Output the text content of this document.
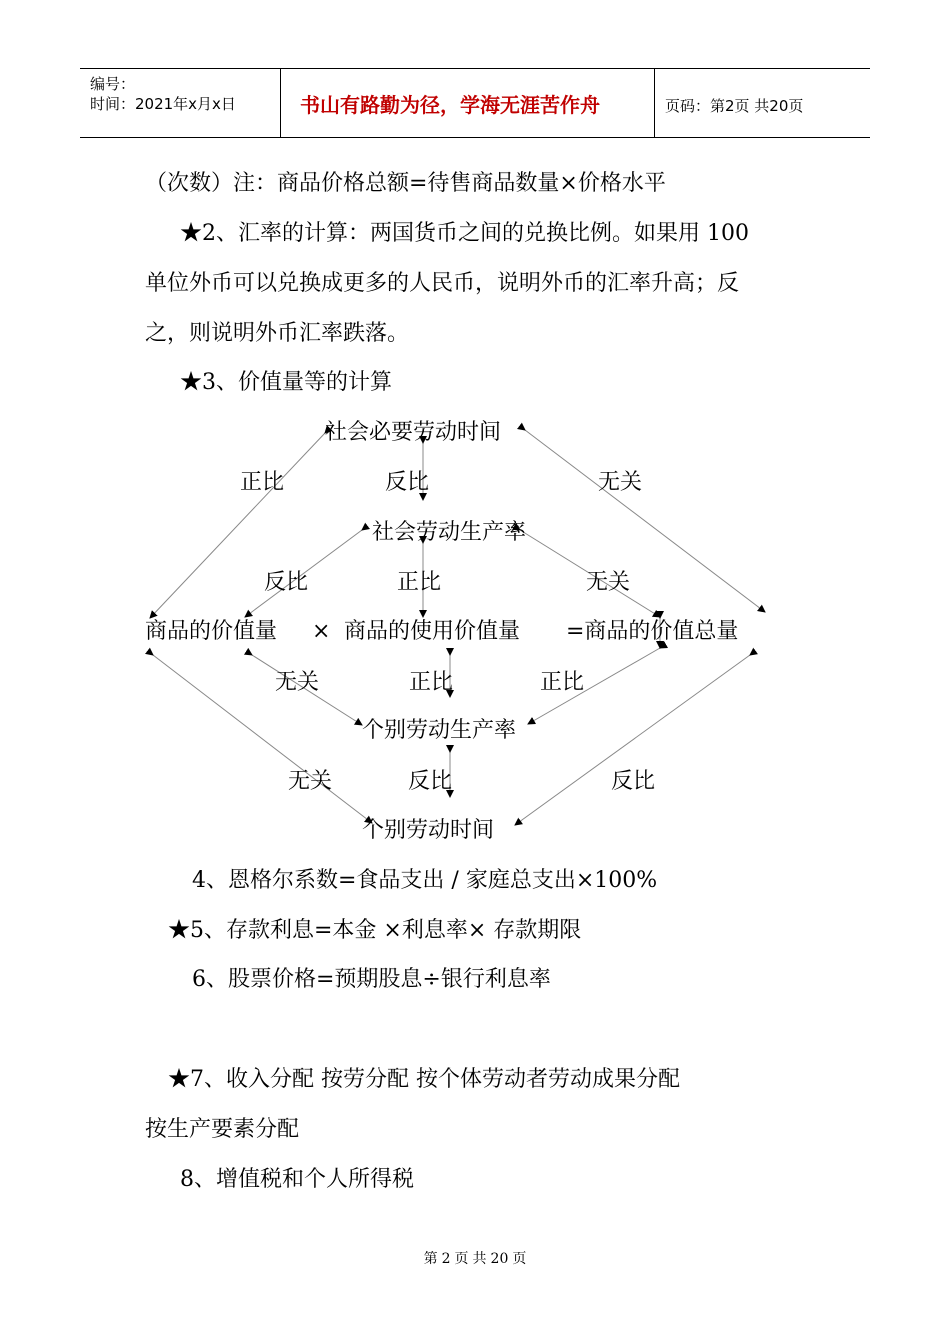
编号：
时间：2021年x月x日	书山有路勤为径，学海无涯苦作舟	页码：第2页 共20页
（次数）注：商品价格总额=待售商品数量×价格水平
★2、汇率的计算：两国货币之间的兑换比例。如果用 100
单位外币可以兑换成更多的人民币，说明外币的汇率升高；反
之，则说明外币汇率跌落。
★3、价值量等的计算
社会必要劳动时间
社会劳动生产率
商品的价值量 × 商品的使用价值量 =商品的价值总量
个别劳动生产率
个别劳动时间
正比	反比	无关
反比	正比	无关
无关	正比	正比
无关	反比	反比
4、恩格尔系数=食品支出 / 家庭总支出×100%
★5、存款利息=本金 ×利息率× 存款期限
6、股票价格=预期股息÷银行利息率
★7、收入分配 按劳分配 按个体劳动者劳动成果分配
按生产要素分配
8、增值税和个人所得税
第 2 页 共 20 页
